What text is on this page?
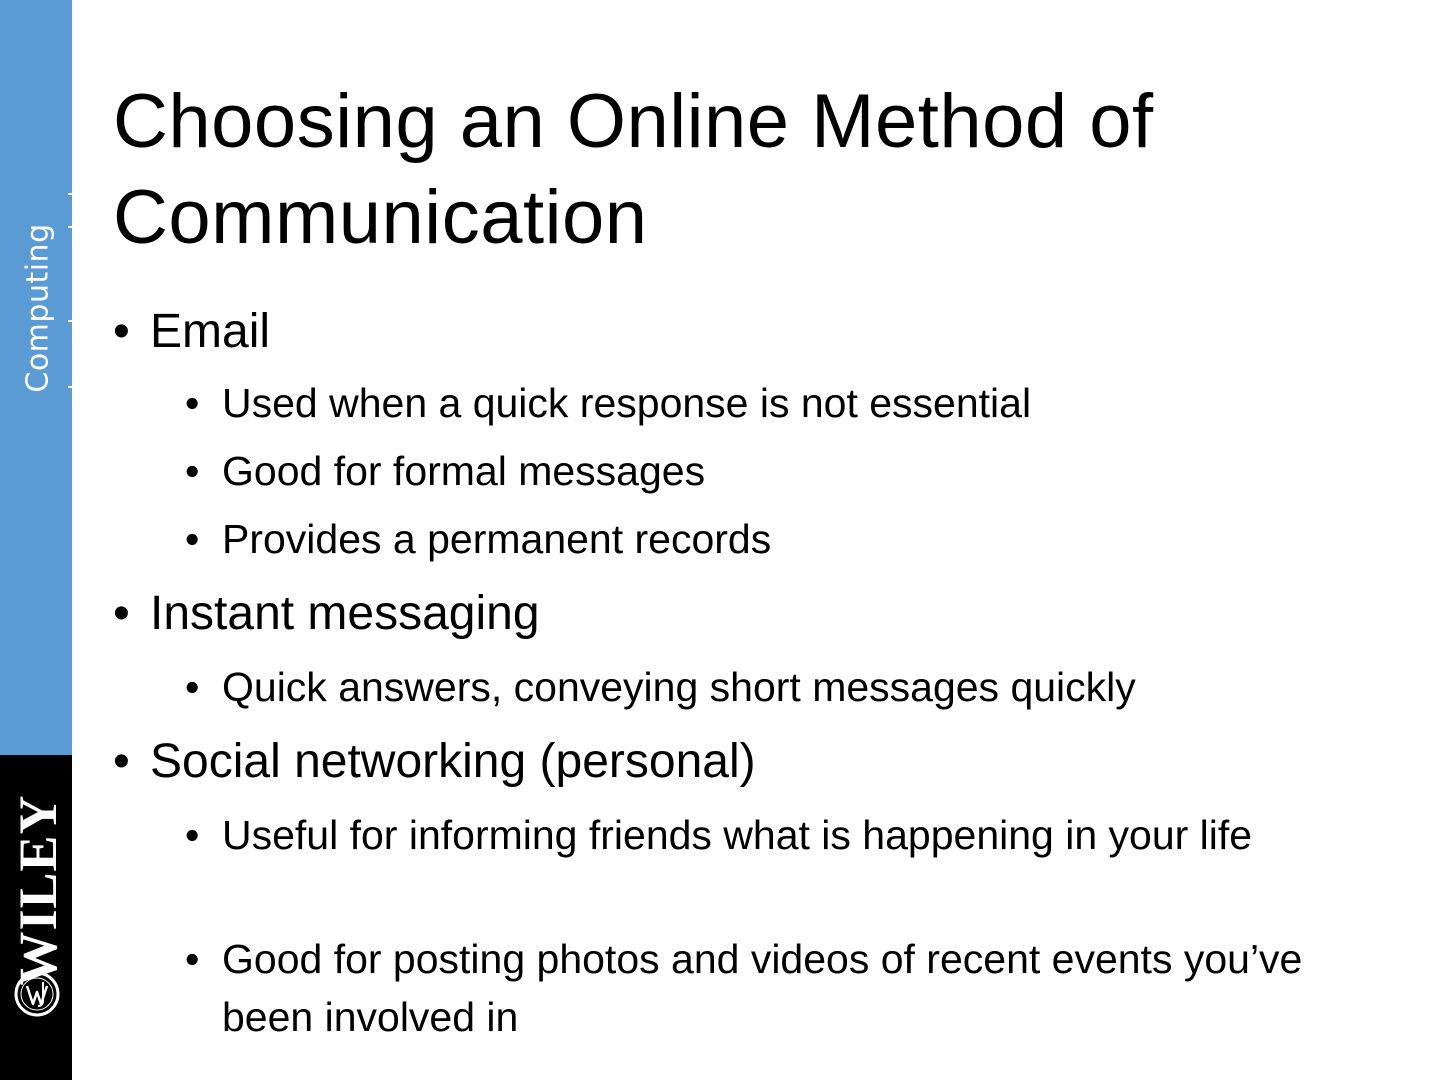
Computing
WILEY
Choosing an Online Method of Communication
• Email
• Used when a quick response is not essential
• Good for formal messages
• Provides a permanent records
• Instant messaging
• Quick answers, conveying short messages quickly
• Social networking (personal)
• Useful for informing friends what is happening in your life
• Good for posting photos and videos of recent events you’ve been involved in
